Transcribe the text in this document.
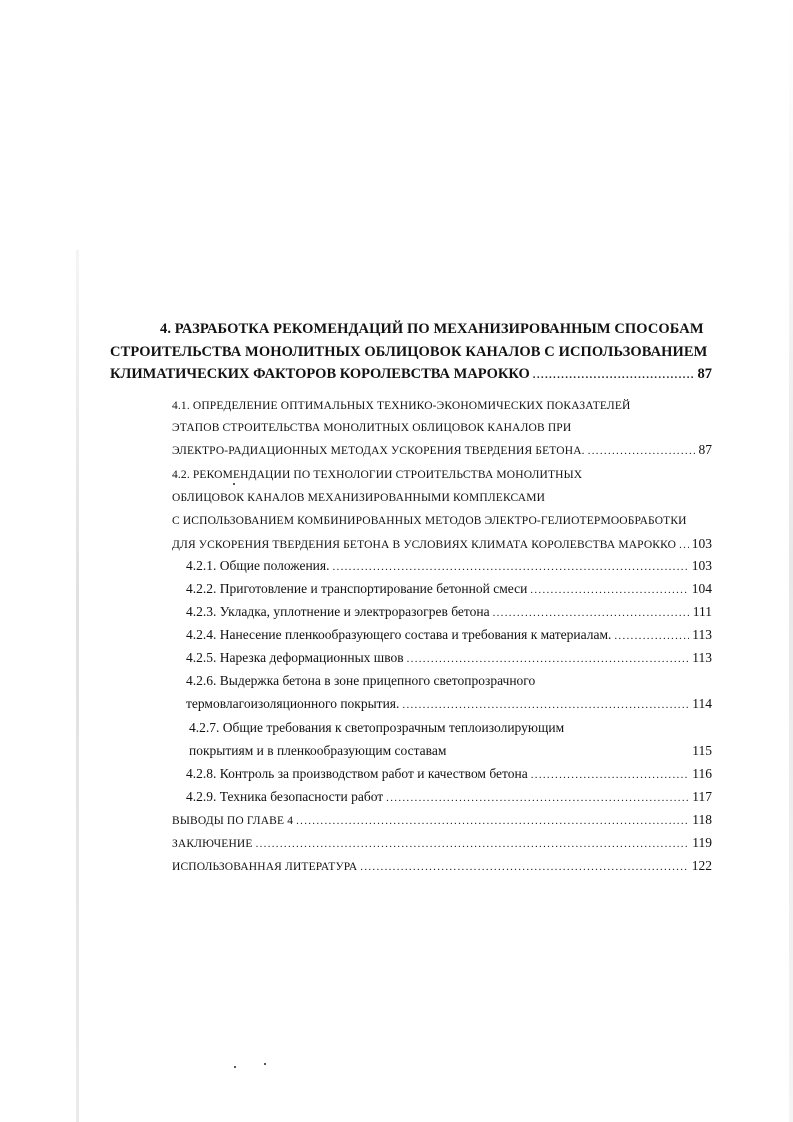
4. РАЗРАБОТКА РЕКОМЕНДАЦИЙ ПО МЕХАНИЗИРОВАННЫМ СПОСОБАМ
СТРОИТЕЛЬСТВА МОНОЛИТНЫХ ОБЛИЦОВОК КАНАЛОВ С ИСПОЛЬЗОВАНИЕМ
КЛИМАТИЧЕСКИХ ФАКТОРОВ КОРОЛЕВСТВА МАРОККО .....	87
4.1. ОПРЕДЕЛЕНИЕ ОПТИМАЛЬНЫХ ТЕХНИКО-ЭКОНОМИЧЕСКИХ ПОКАЗАТЕЛЕЙ
ЭТАПОВ СТРОИТЕЛЬСТВА МОНОЛИТНЫХ ОБЛИЦОВОК КАНАЛОВ ПРИ
ЭЛЕКТРО-РАДИАЦИОННЫХ МЕТОДАХ УСКОРЕНИЯ ТВЕРДЕНИЯ БЕТОНА. .....	87
4.2. РЕКОМЕНДАЦИИ ПО ТЕХНОЛОГИИ СТРОИТЕЛЬСТВА МОНОЛИТНЫХ
ОБЛИЦОВОК КАНАЛОВ МЕХАНИЗИРОВАННЫМИ КОМПЛЕКСАМИ
С ИСПОЛЬЗОВАНИЕМ КОМБИНИРОВАННЫХ МЕТОДОВ ЭЛЕКТРО-ГЕЛИОТЕРМООБРАБОТКИ
ДЛЯ УСКОРЕНИЯ ТВЕРДЕНИЯ БЕТОНА В УСЛОВИЯХ КЛИМАТА КОРОЛЕВСТВА МАРОККО ..... 103
4.2.1. Общие положения. .....	103
4.2.2. Приготовление и транспортирование бетонной смеси .....	104
4.2.3. Укладка, уплотнение и электроразогрев бетона .....	111
4.2.4. Нанесение пленкообразующего состава и требования к материалам. .....	113
4.2.5. Нарезка деформационных швов .....	113
4.2.6. Выдержка бетона в зоне прицепного светопрозрачного
термовлагоизоляционного покрытия. .....	114
4.2.7. Общие требования к светопрозрачным теплоизолирующим
покрытиям и в пленкообразующим составам	115
4.2.8. Контроль за производством работ и качеством бетона .....	116
4.2.9. Техника безопасности работ .....	117
ВЫВОДЫ ПО ГЛАВЕ 4 .....	118
ЗАКЛЮЧЕНИЕ .....	119
ИСПОЛЬЗОВАННАЯ ЛИТЕРАТУРА .....	122
